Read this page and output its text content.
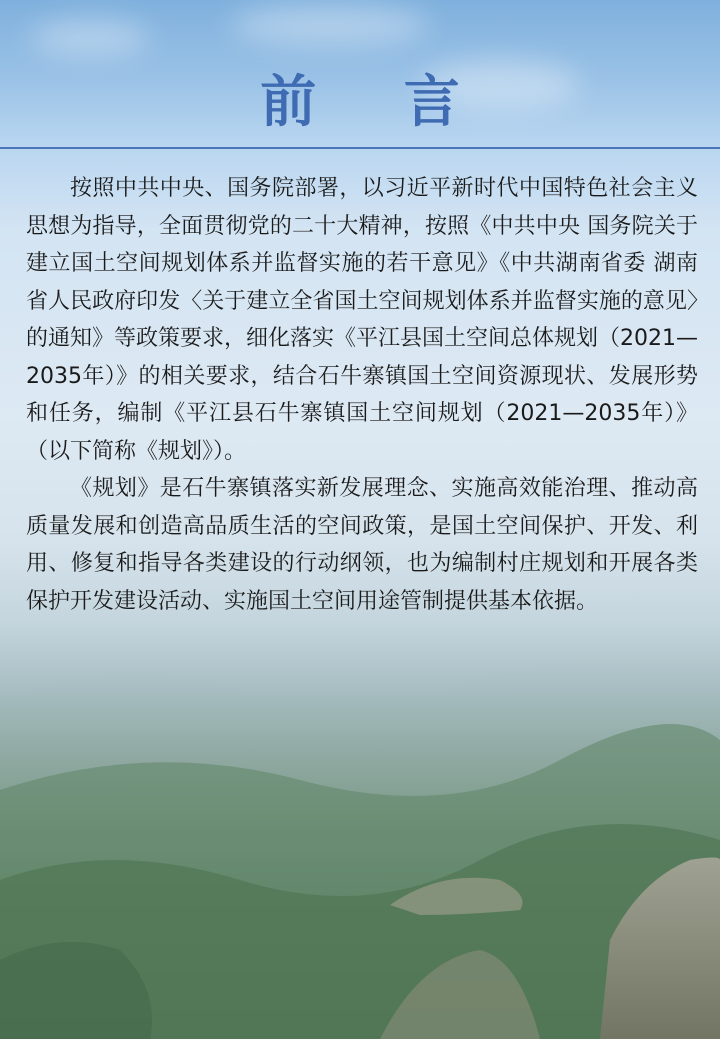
前 言

按照中共中央、国务院部署，以习近平新时代中国特色社会主义思想为指导，全面贯彻党的二十大精神，按照《中共中央 国务院关于建立国土空间规划体系并监督实施的若干意见》《中共湖南省委 湖南省人民政府印发〈关于建立全省国土空间规划体系并监督实施的意见〉的通知》等政策要求，细化落实《平江县国土空间总体规划（2021—2035年）》的相关要求，结合石牛寨镇国土空间资源现状、发展形势和任务，编制《平江县石牛寨镇国土空间规划（2021—2035年）》（以下简称《规划》）。

《规划》是石牛寨镇落实新发展理念、实施高效能治理、推动高质量发展和创造高品质生活的空间政策，是国土空间保护、开发、利用、修复和指导各类建设的行动纲领，也为编制村庄规划和开展各类保护开发建设活动、实施国土空间用途管制提供基本依据。
